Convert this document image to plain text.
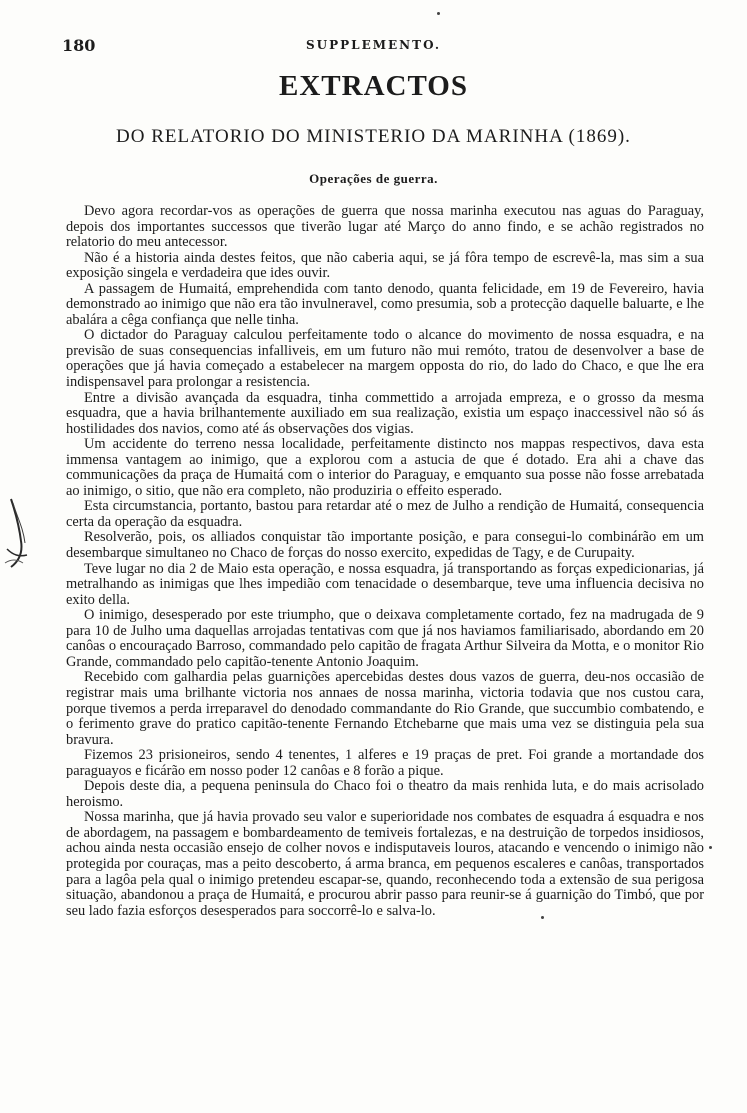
180	SUPPLEMENTO.
EXTRACTOS
DO RELATORIO DO MINISTERIO DA MARINHA (1869).
Operações de guerra.

Devo agora recordar-vos as operações de guerra que nossa marinha executou nas aguas do Paraguay, depois dos importantes successos que tiverão lugar até Março do anno findo, e se achão registrados no relatorio do meu antecessor.

Não é a historia ainda destes feitos, que não caberia aqui, se já fôra tempo de escrevê-la, mas sim a sua exposição singela e verdadeira que ides ouvir.

A passagem de Humaitá, emprehendida com tanto denodo, quanta felicidade, em 19 de Fevereiro, havia demonstrado ao inimigo que não era tão invulneravel, como presumia, sob a protecção daquelle baluarte, e lhe abalára a cêga confiança que nelle tinha.

O dictador do Paraguay calculou perfeitamente todo o alcance do movimento de nossa esquadra, e na previsão de suas consequencias infalliveis, em um futuro não mui remóto, tratou de desenvolver a base de operações que já havia começado a estabelecer na margem opposta do rio, do lado do Chaco, e que lhe era indispensavel para prolongar a resistencia.

Entre a divisão avançada da esquadra, tinha commettido a arrojada empreza, e o grosso da mesma esquadra, que a havia brilhantemente auxiliado em sua realização, existia um espaço inaccessivel não só ás hostilidades dos navios, como até ás observações dos vigias.

Um accidente do terreno nessa localidade, perfeitamente distincto nos mappas respectivos, dava esta immensa vantagem ao inimigo, que a explorou com a astucia de que é dotado. Era ahi a chave das communicações da praça de Humaitá com o interior do Paraguay, e emquanto sua posse não fosse arrebatada ao inimigo, o sitio, que não era completo, não produziria o effeito esperado.

Esta circumstancia, portanto, bastou para retardar até o mez de Julho a rendição de Humaitá, consequencia certa da operação da esquadra.

Resolverão, pois, os alliados conquistar tão importante posição, e para consegui-lo combinárão em um desembarque simultaneo no Chaco de forças do nosso exercito, expedidas de Tagy, e de Curupaity.

Teve lugar no dia 2 de Maio esta operação, e nossa esquadra, já transportando as forças expedicionarias, já metralhando as inimigas que lhes impedião com tenacidade o desembarque, teve uma influencia decisiva no exito della.

O inimigo, desesperado por este triumpho, que o deixava completamente cortado, fez na madrugada de 9 para 10 de Julho uma daquellas arrojadas tentativas com que já nos haviamos familiarisado, abordando em 20 canôas o encouraçado Barroso, commandado pelo capitão de fragata Arthur Silveira da Motta, e o monitor Rio Grande, commandado pelo capitão-tenente Antonio Joaquim.

Recebido com galhardia pelas guarnições apercebidas destes dous vazos de guerra, deu-nos occasião de registrar mais uma brilhante victoria nos annaes de nossa marinha, victoria todavia que nos custou cara, porque tivemos a perda irreparavel do denodado commandante do Rio Grande, que succumbio combatendo, e o ferimento grave do pratico capitão-tenente Fernando Etchebarne que mais uma vez se distinguia pela sua bravura.

Fizemos 23 prisioneiros, sendo 4 tenentes, 1 alferes e 19 praças de pret. Foi grande a mortandade dos paraguayos e ficárão em nosso poder 12 canôas e 8 forão a pique.

Depois deste dia, a pequena peninsula do Chaco foi o theatro da mais renhida luta, e do mais acrisolado heroismo.

Nossa marinha, que já havia provado seu valor e superioridade nos combates de esquadra á esquadra e nos de abordagem, na passagem e bombardeamento de temiveis fortalezas, e na destruição de torpedos insidiosos, achou ainda nesta occasião ensejo de colher novos e indisputaveis louros, atacando e vencendo o inimigo não protegida por couraças, mas a peito descoberto, á arma branca, em pequenos escaleres e canôas, transportados para a lagôa pela qual o inimigo pretendeu escapar-se, quando, reconhecendo toda a extensão de sua perigosa situação, abandonou a praça de Humaitá, e procurou abrir passo para reunir-se á guarnição do Timbó, que por seu lado fazia esforços desesperados para soccorrê-lo e salva-lo.
